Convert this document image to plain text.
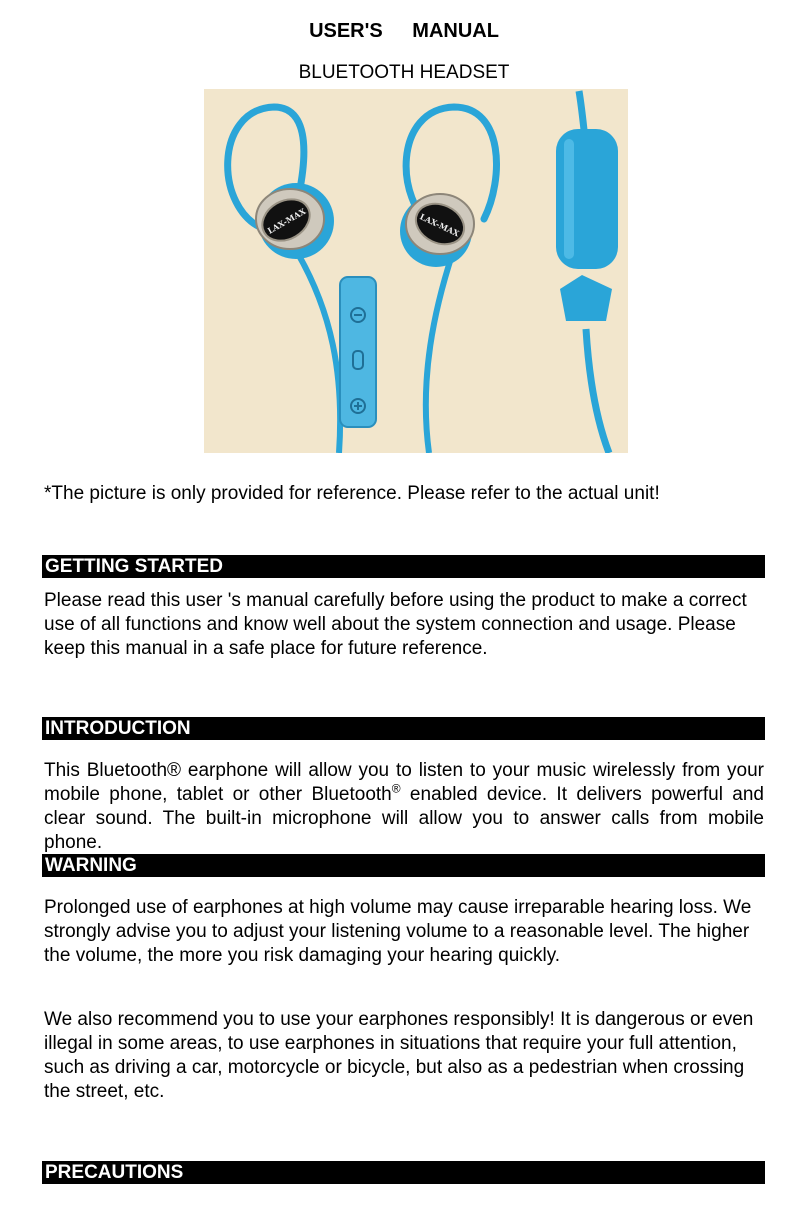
USER'S MANUAL
BLUETOOTH HEADSET
LAX-MAX	LAX-MAX
*The picture is only provided for reference. Please refer to the actual unit!
GETTING STARTED

Please read this user 's manual carefully before using the product to make a correct use of all functions and know well about the system connection and usage. Please keep this manual in a safe place for future reference.

INTRODUCTION

This Bluetooth® earphone will allow you to listen to your music wirelessly from your mobile phone, tablet or other Bluetooth® enabled device. It delivers powerful and clear sound. The built-in microphone will allow you to answer calls from mobile phone.

WARNING

Prolonged use of earphones at high volume may cause irreparable hearing loss. We strongly advise you to adjust your listening volume to a reasonable level. The higher the volume, the more you risk damaging your hearing quickly.

We also recommend you to use your earphones responsibly! It is dangerous or even illegal in some areas, to use earphones in situations that require your full attention, such as driving a car, motorcycle or bicycle, but also as a pedestrian when crossing the street, etc.

PRECAUTIONS
